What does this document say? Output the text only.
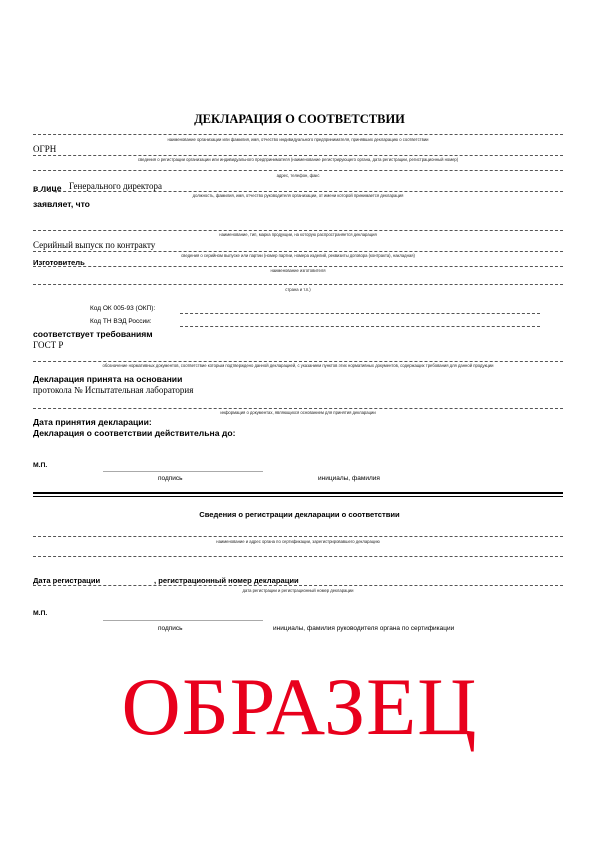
ДЕКЛАРАЦИЯ О СООТВЕТСТВИИ
наименование организации или фамилия, имя, отчество индивидуального предпринимателя, принявших декларацию о соответствии
ОГРН
сведения о регистрации организации или индивидуального предпринимателя (наименование регистрирующего органа, дата регистрации, регистрационный номер)
адрес, телефон, факс
в лице Генерального директора
должность, фамилия, имя, отчество руководителя организации, от имени которой принимается декларация
заявляет, что
наименование, тип, марка продукции, на которую распространяется декларация
Серийный выпуск по контракту
сведения о серийном выпуске или партии (номер партии, номера изделий, реквизиты договора (контракта), накладная)
Изготовитель
наименование изготовителя
страна и т.п.)
Код ОК 005-93 (ОКП):
Код ТН ВЭД России:
соответствует требованиям
ГОСТ Р
обозначение нормативных документов, соответствие которым подтверждено данной декларацией, с указанием пунктов этих нормативных документов, содержащих требования для данной продукции
Декларация принята на основании
протокола № Испытательная лаборатория
информация о документах, являющихся основанием для принятия декларации
Дата принятия декларации:
Декларация о соответствии действительна до:
М.П.
подпись	инициалы, фамилия
Сведения о регистрации декларации о соответствии
наименование и адрес органа по сертификации, зарегистрировавшего декларацию
Дата регистрации	, регистрационный номер декларации
дата регистрации и регистрационный номер декларации
М.П.
подпись	инициалы, фамилия руководителя органа по сертификации
ОБРАЗЕЦ
